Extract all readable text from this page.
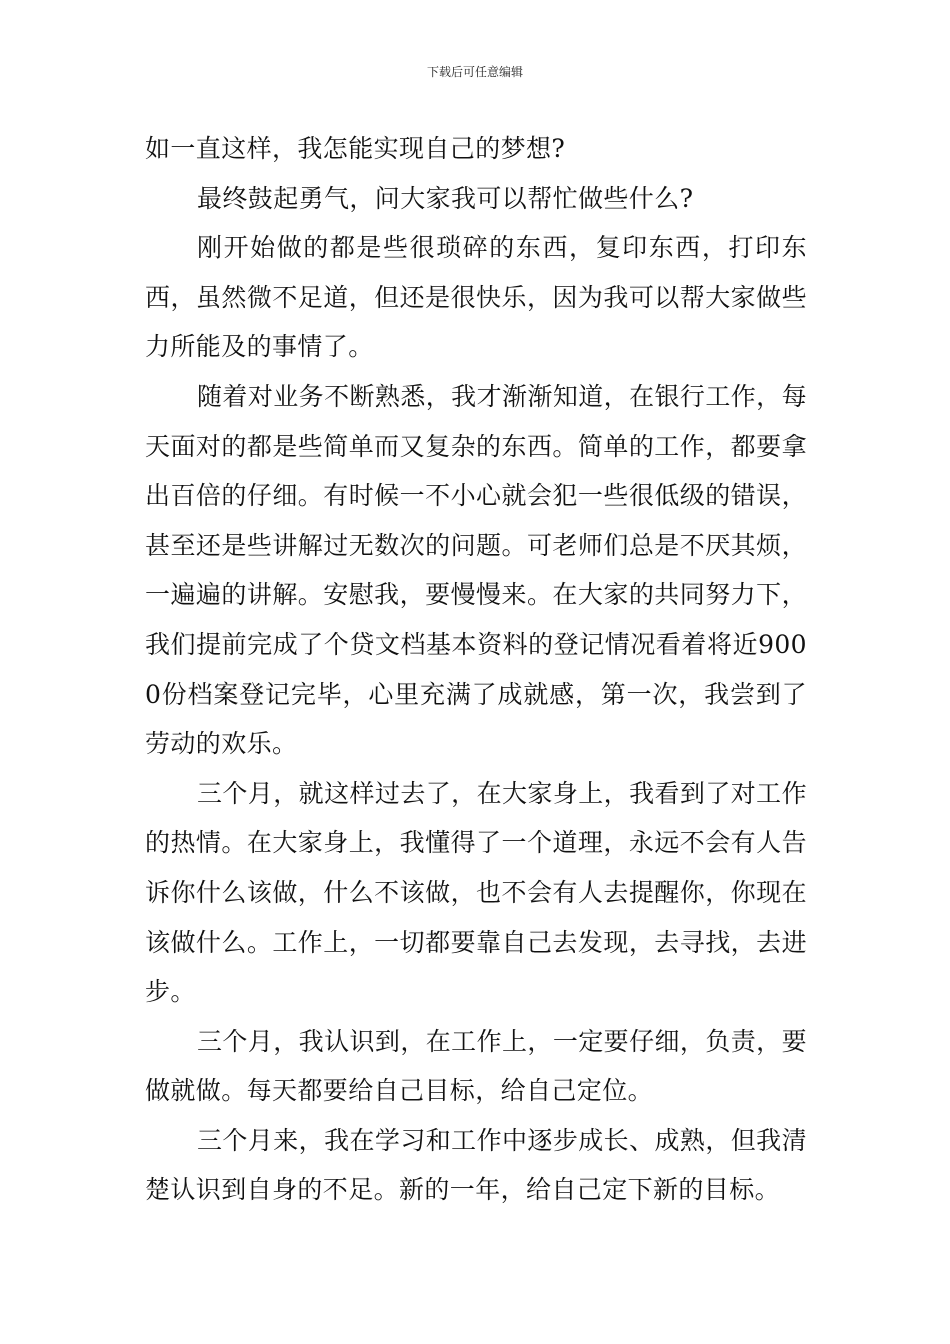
下载后可任意编辑

如一直这样，我怎能实现自己的梦想?

最终鼓起勇气，问大家我可以帮忙做些什么?

刚开始做的都是些很琐碎的东西，复印东西，打印东西，虽然微不足道，但还是很快乐，因为我可以帮大家做些力所能及的事情了。

随着对业务不断熟悉，我才渐渐知道，在银行工作，每天面对的都是些简单而又复杂的东西。简单的工作，都要拿出百倍的仔细。有时候一不小心就会犯一些很低级的错误，甚至还是些讲解过无数次的问题。可老师们总是不厌其烦，一遍遍的讲解。安慰我，要慢慢来。在大家的共同努力下，我们提前完成了个贷文档基本资料的登记情况看着将近9000份档案登记完毕，心里充满了成就感，第一次，我尝到了劳动的欢乐。

三个月，就这样过去了，在大家身上，我看到了对工作的热情。在大家身上，我懂得了一个道理，永远不会有人告诉你什么该做，什么不该做，也不会有人去提醒你，你现在该做什么。工作上，一切都要靠自己去发现，去寻找，去进步。

三个月，我认识到，在工作上，一定要仔细，负责，要做就做。每天都要给自己目标，给自己定位。

三个月来，我在学习和工作中逐步成长、成熟，但我清楚认识到自身的不足。新的一年，给自己定下新的目标。
